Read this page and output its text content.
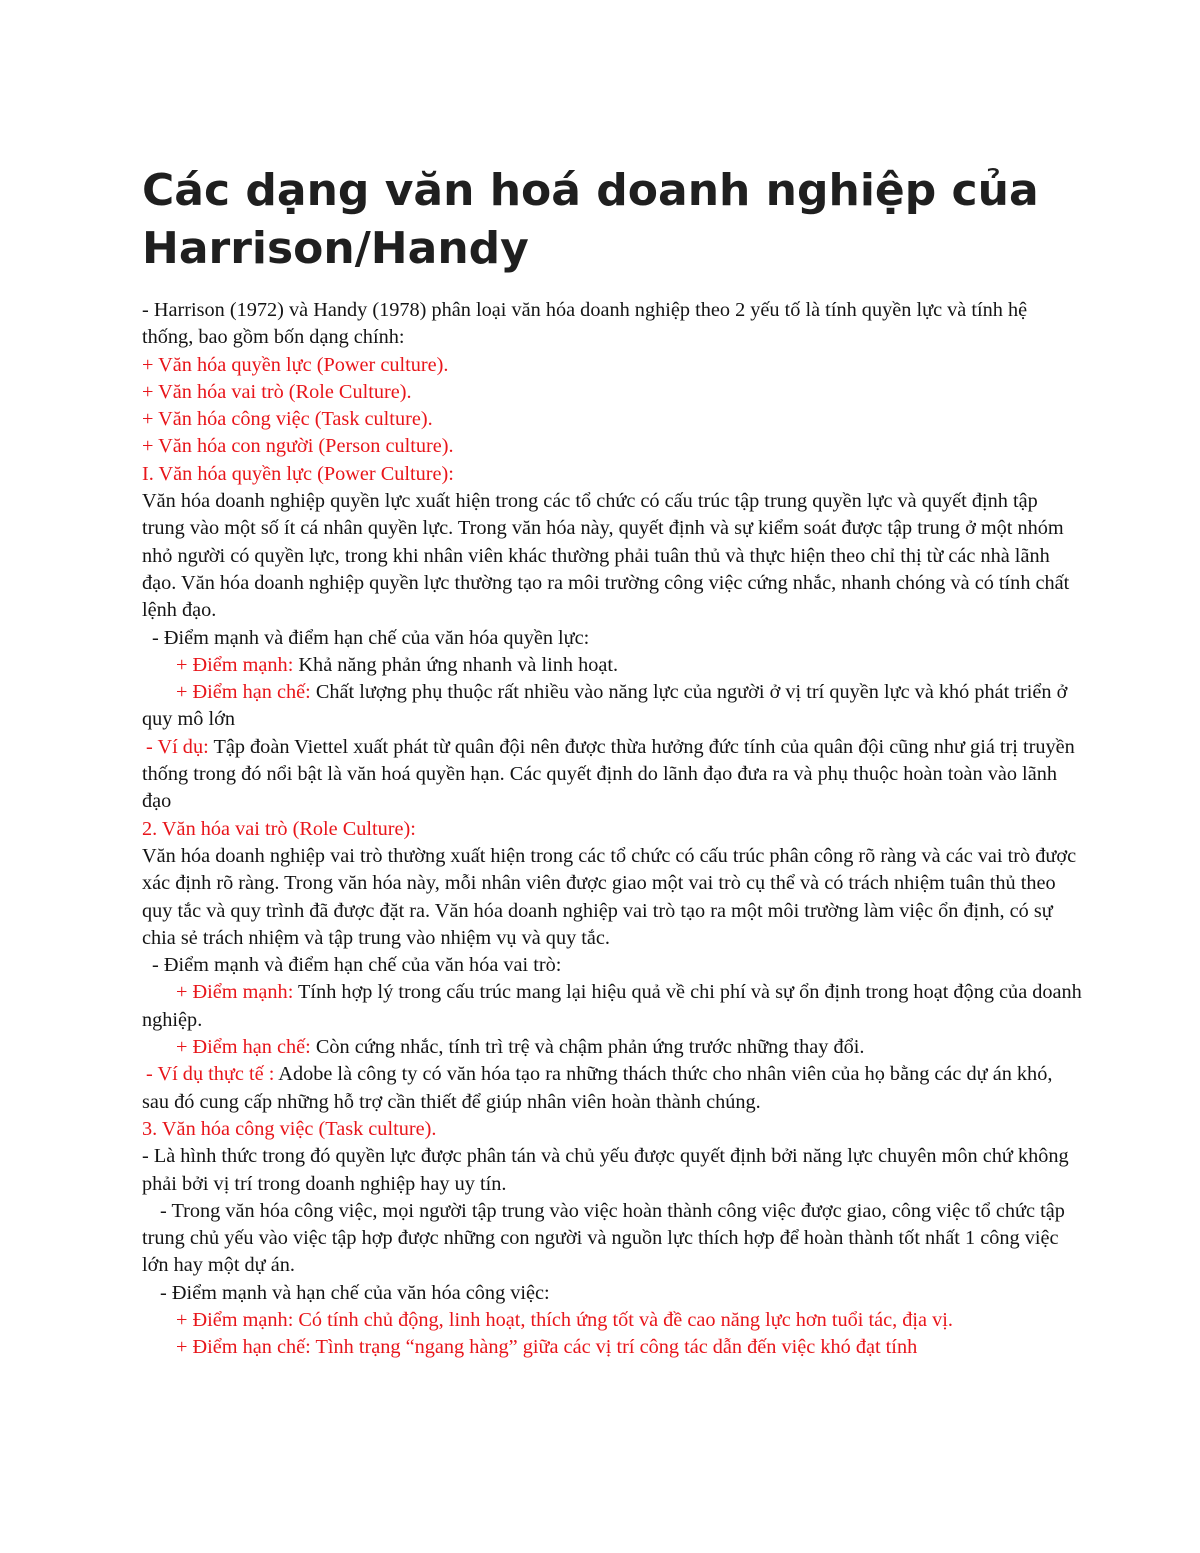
Các dạng văn hoá doanh nghiệp của Harrison/Handy

- Harrison (1972) và Handy (1978) phân loại văn hóa doanh nghiệp theo 2 yếu tố là tính quyền lực và tính hệ thống, bao gồm bốn dạng chính:

+ Văn hóa quyền lực (Power culture).

+ Văn hóa vai trò (Role Culture).

+ Văn hóa công việc (Task culture).

+ Văn hóa con người (Person culture).

I. Văn hóa quyền lực (Power Culture):

Văn hóa doanh nghiệp quyền lực xuất hiện trong các tổ chức có cấu trúc tập trung quyền lực và quyết định tập trung vào một số ít cá nhân quyền lực. Trong văn hóa này, quyết định và sự kiểm soát được tập trung ở một nhóm nhỏ người có quyền lực, trong khi nhân viên khác thường phải tuân thủ và thực hiện theo chỉ thị từ các nhà lãnh đạo. Văn hóa doanh nghiệp quyền lực thường tạo ra môi trường công việc cứng nhắc, nhanh chóng và có tính chất lệnh đạo.

- Điểm mạnh và điểm hạn chế của văn hóa quyền lực:

+ Điểm mạnh: Khả năng phản ứng nhanh và linh hoạt.

+ Điểm hạn chế: Chất lượng phụ thuộc rất nhiều vào năng lực của người ở vị trí quyền lực và khó phát triển ở quy mô lớn

- Ví dụ: Tập đoàn Viettel xuất phát từ quân đội nên được thừa hưởng đức tính của quân đội cũng như giá trị truyền thống trong đó nổi bật là văn hoá quyền hạn. Các quyết định do lãnh đạo đưa ra và phụ thuộc hoàn toàn vào lãnh đạo

2. Văn hóa vai trò (Role Culture):

Văn hóa doanh nghiệp vai trò thường xuất hiện trong các tổ chức có cấu trúc phân công rõ ràng và các vai trò được xác định rõ ràng. Trong văn hóa này, mỗi nhân viên được giao một vai trò cụ thể và có trách nhiệm tuân thủ theo quy tắc và quy trình đã được đặt ra. Văn hóa doanh nghiệp vai trò tạo ra một môi trường làm việc ổn định, có sự chia sẻ trách nhiệm và tập trung vào nhiệm vụ và quy tắc.

- Điểm mạnh và điểm hạn chế của văn hóa vai trò:

+ Điểm mạnh: Tính hợp lý trong cấu trúc mang lại hiệu quả về chi phí và sự ổn định trong hoạt động của doanh nghiệp.

+ Điểm hạn chế: Còn cứng nhắc, tính trì trệ và chậm phản ứng trước những thay đổi.

- Ví dụ thực tế : Adobe là công ty có văn hóa tạo ra những thách thức cho nhân viên của họ bằng các dự án khó, sau đó cung cấp những hỗ trợ cần thiết để giúp nhân viên hoàn thành chúng.

3. Văn hóa công việc (Task culture).

- Là hình thức trong đó quyền lực được phân tán và chủ yếu được quyết định bởi năng lực chuyên môn chứ không phải bởi vị trí trong doanh nghiệp hay uy tín.

- Trong văn hóa công việc, mọi người tập trung vào việc hoàn thành công việc được giao, công việc tổ chức tập trung chủ yếu vào việc tập hợp được những con người và nguồn lực thích hợp để hoàn thành tốt nhất 1 công việc lớn hay một dự án.

- Điểm mạnh và hạn chế của văn hóa công việc:

+ Điểm mạnh: Có tính chủ động, linh hoạt, thích ứng tốt và đề cao năng lực hơn tuổi tác, địa vị.

+ Điểm hạn chế: Tình trạng “ngang hàng” giữa các vị trí công tác dẫn đến việc khó đạt tính
